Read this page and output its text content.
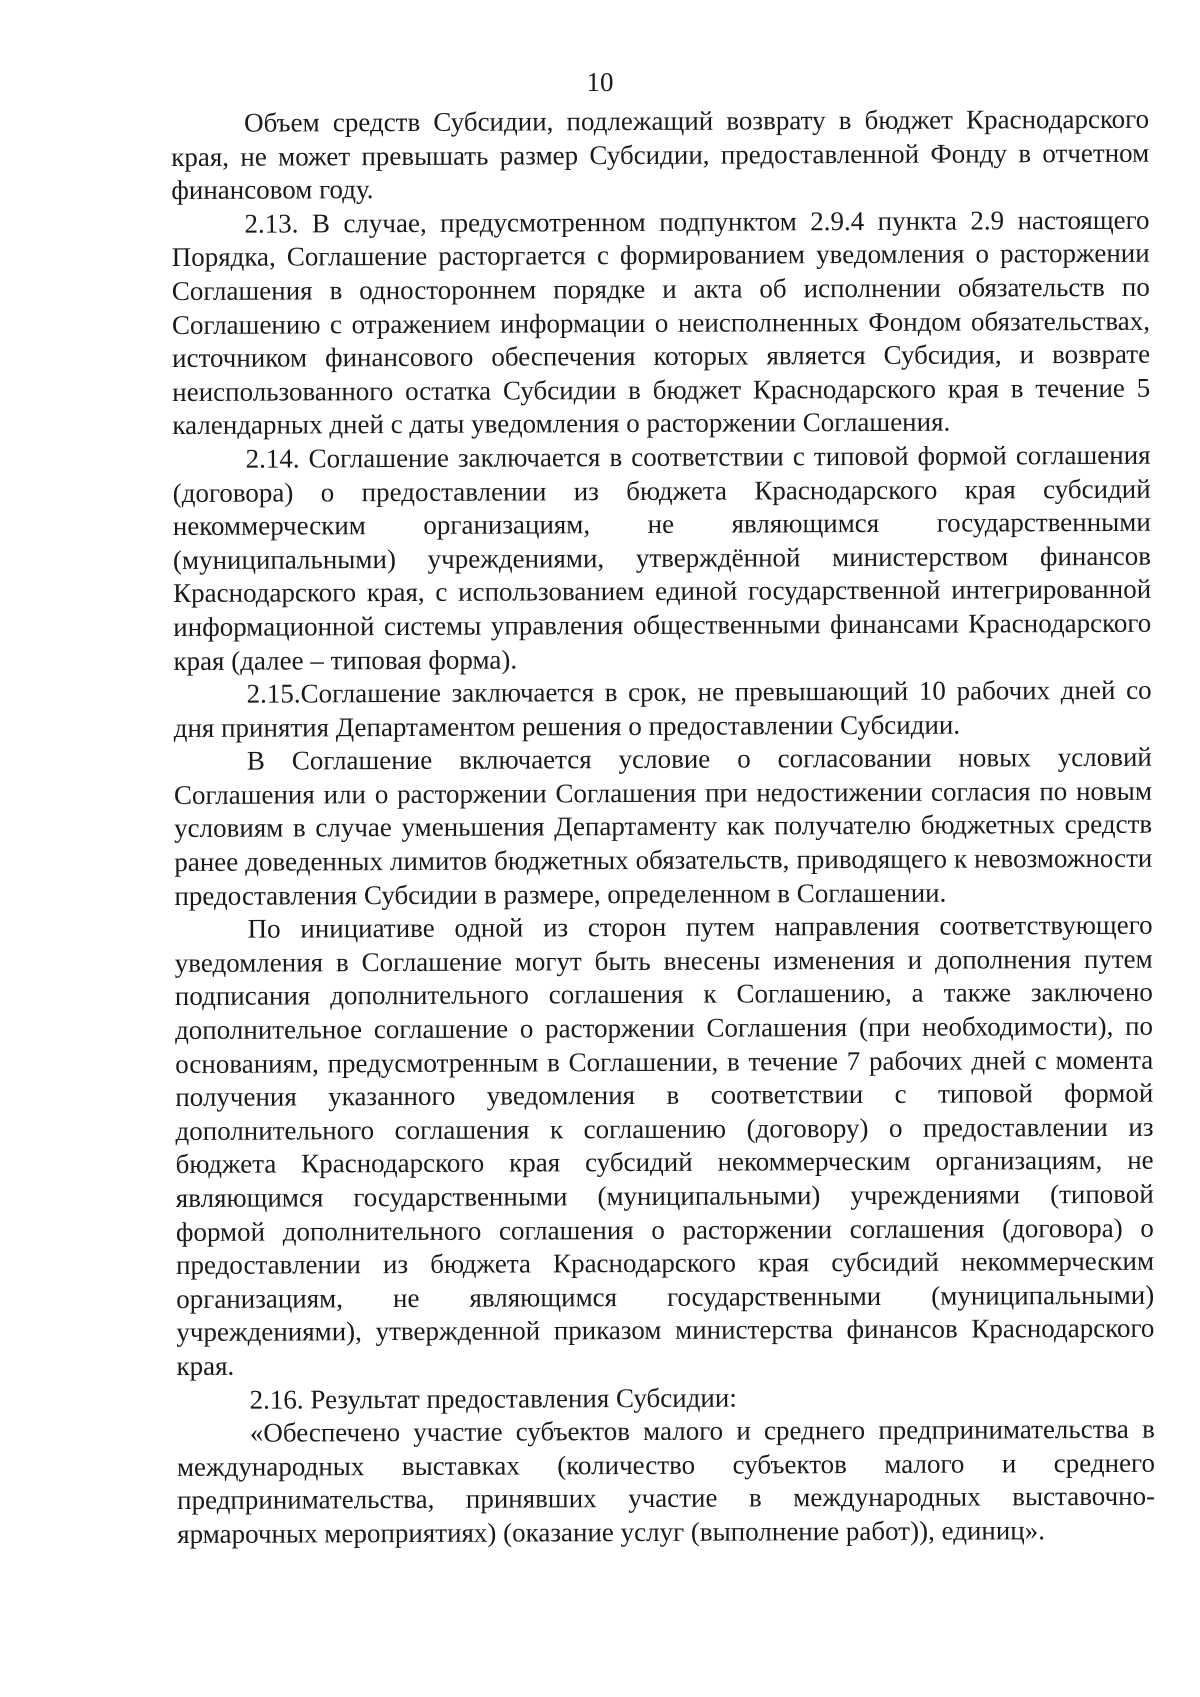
10

Объем средств Субсидии, подлежащий возврату в бюджет Краснодарского края, не может превышать размер Субсидии, предоставленной Фонду в отчетном финансовом году.

2.13. В случае, предусмотренном подпунктом 2.9.4 пункта 2.9 настоящего Порядка, Соглашение расторгается с формированием уведомления о расторжении Соглашения в одностороннем порядке и акта об исполнении обязательств по Соглашению с отражением информации о неисполненных Фондом обязательствах, источником финансового обеспечения которых является Субсидия, и возврате неиспользованного остатка Субсидии в бюджет Краснодарского края в течение 5 календарных дней с даты уведомления о расторжении Соглашения.

2.14. Соглашение заключается в соответствии с типовой формой соглашения (договора) о предоставлении из бюджета Краснодарского края субсидий некоммерческим организациям, не являющимся государственными (муниципальными) учреждениями, утверждённой министерством финансов Краснодарского края, с использованием единой государственной интегрированной информационной системы управления общественными финансами Краснодарского края (далее – типовая форма).

2.15.Соглашение заключается в срок, не превышающий 10 рабочих дней со дня принятия Департаментом решения о предоставлении Субсидии.

В Соглашение включается условие о согласовании новых условий Соглашения или о расторжении Соглашения при недостижении согласия по новым условиям в случае уменьшения Департаменту как получателю бюджетных средств ранее доведенных лимитов бюджетных обязательств, приводящего к невозможности предоставления Субсидии в размере, определенном в Соглашении.

По инициативе одной из сторон путем направления соответствующего уведомления в Соглашение могут быть внесены изменения и дополнения путем подписания дополнительного соглашения к Соглашению, а также заключено дополнительное соглашение о расторжении Соглашения (при необходимости), по основаниям, предусмотренным в Соглашении, в течение 7 рабочих дней с момента получения указанного уведомления в соответствии с типовой формой дополнительного соглашения к соглашению (договору) о предоставлении из бюджета Краснодарского края субсидий некоммерческим организациям, не являющимся государственными (муниципальными) учреждениями (типовой формой дополнительного соглашения о расторжении соглашения (договора) о предоставлении из бюджета Краснодарского края субсидий некоммерческим организациям, не являющимся государственными (муниципальными) учреждениями), утвержденной приказом министерства финансов Краснодарского края.

2.16. Результат предоставления Субсидии:

«Обеспечено участие субъектов малого и среднего предпринимательства в международных выставках (количество субъектов малого и среднего предпринимательства, принявших участие в международных выставочно-ярмарочных мероприятиях) (оказание услуг (выполнение работ)), единиц».
